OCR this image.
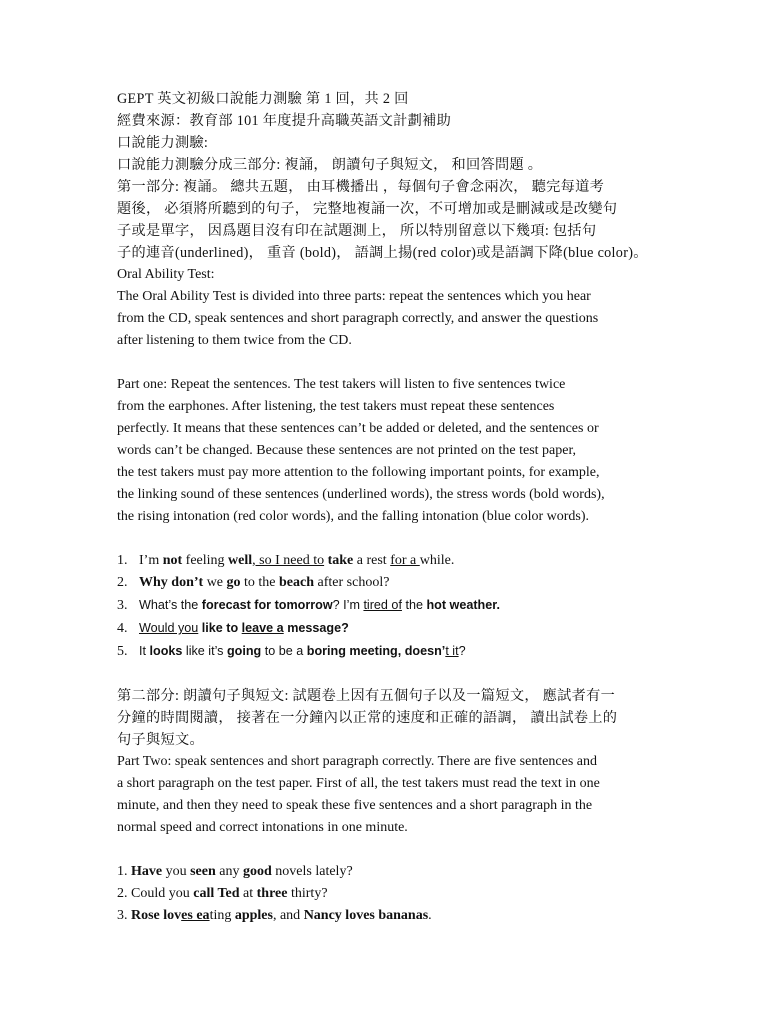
GEPT 英文初級口說能力測驗 第 1 回，共 2 回
經費來源：教育部 101 年度提升高職英語文計劃補助
口說能力測驗:
口說能力測驗分成三部分: 複誦， 朗讀句子與短文， 和回答問題 。
第一部分: 複誦。 總共五題， 由耳機播出 ，每個句子會念兩次， 聽完每道考
題後， 必須將所聽到的句子， 完整地複誦一次，不可增加或是刪減或是改變句
子或是單字， 因爲題目沒有印在試題測上， 所以特別留意以下幾項: 包括句
子的連音(underlined)， 重音 (bold)， 語調上揚(red color)或是語調下降(blue color)。
Oral Ability Test:
The Oral Ability Test is divided into three parts: repeat the sentences which you hear
from the CD, speak sentences and short paragraph correctly, and answer the questions
after listening to them twice from the CD.
Part one: Repeat the sentences. The test takers will listen to five sentences twice
from the earphones. After listening, the test takers must repeat these sentences
perfectly. It means that these sentences can’t be added or deleted, and the sentences or
words can’t be changed. Because these sentences are not printed on the test paper,
the test takers must pay more attention to the following important points, for example,
the linking sound of these sentences (underlined words), the stress words (bold words),
the rising intonation (red color words), and the falling intonation (blue color words).
1. I’m not feeling well, so I need to take a rest for a while.
2. Why don’t we go to the beach after school?
3. What’s the forecast for tomorrow? I’m tired of the hot weather.
4. Would you like to leave a message?
5. It looks like it’s going to be a boring meeting, doesn’t it?
第二部分: 朗讀句子與短文: 試題卷上因有五個句子以及一篇短文， 應試者有一
分鐘的時間閱讀， 接著在一分鐘內以正常的速度和正確的語調， 讀出試卷上的
句子與短文。
Part Two: speak sentences and short paragraph correctly. There are five sentences and
a short paragraph on the test paper. First of all, the test takers must read the text in one
minute, and then they need to speak these five sentences and a short paragraph in the
normal speed and correct intonations in one minute.
1. Have you seen any good novels lately?
2. Could you call Ted at three thirty?
3. Rose loves eating apples, and Nancy loves bananas.
